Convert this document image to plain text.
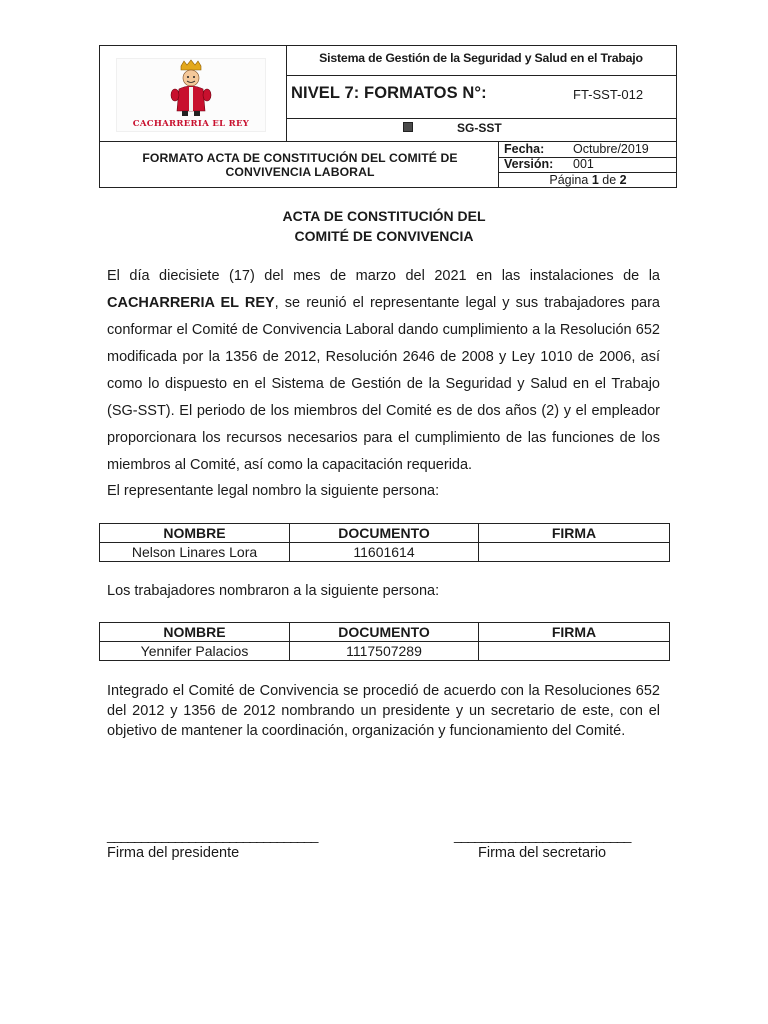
CACHARRERIA EL REY
Sistema de Gestión de la Seguridad y Salud en el Trabajo
NIVEL 7: FORMATOS N°:	FT-SST-012
SG-SST
FORMATO ACTA DE CONSTITUCIÓN DEL COMITÉ DE CONVIVENCIA LABORAL
Fecha: Octubre/2019
Versión: 001
Página 1 de 2
ACTA DE CONSTITUCIÓN DEL
COMITÉ DE CONVIVENCIA
El día diecisiete (17) del mes de marzo del 2021 en las instalaciones de la CACHARRERIA EL REY, se reunió el representante legal y sus trabajadores para conformar el Comité de Convivencia Laboral dando cumplimiento a la Resolución 652 modificada por la 1356 de 2012, Resolución 2646 de 2008 y Ley 1010 de 2006, así como lo dispuesto en el Sistema de Gestión de la Seguridad y Salud en el Trabajo (SG-SST). El periodo de los miembros del Comité es de dos años (2) y el empleador proporcionara los recursos necesarios para el cumplimiento de las funciones de los miembros al Comité, así como la capacitación requerida.
El representante legal nombro la siguiente persona:
NOMBRE	DOCUMENTO	FIRMA
Nelson Linares Lora	11601614	
Los trabajadores nombraron a la siguiente persona:
NOMBRE	DOCUMENTO	FIRMA
Yennifer Palacios	1117507289	
Integrado el Comité de Convivencia se procedió de acuerdo con la Resoluciones 652 del 2012 y 1356 de 2012 nombrando un presidente y un secretario de este, con el objetivo de mantener la coordinación, organización y funcionamiento del Comité.
_______________________________	__________________________
Firma del presidente	Firma del secretario
